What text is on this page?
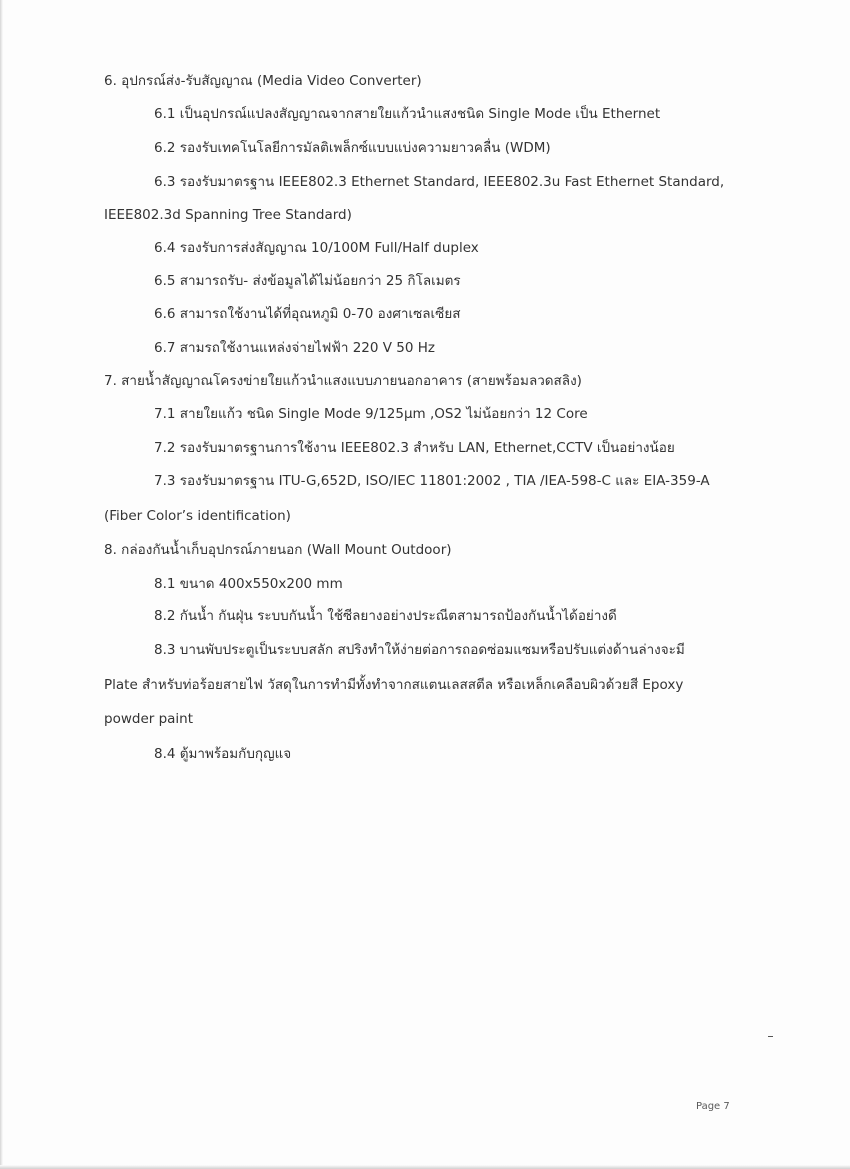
6. อุปกรณ์ส่ง-รับสัญญาณ (Media Video Converter)
6.1 เป็นอุปกรณ์แปลงสัญญาณจากสายใยแก้วนำแสงชนิด Single Mode เป็น Ethernet
6.2 รองรับเทคโนโลยีการมัลติเพล็กซ์แบบแบ่งความยาวคลื่น (WDM)
6.3 รองรับมาตรฐาน IEEE802.3 Ethernet Standard, IEEE802.3u Fast Ethernet Standard,
IEEE802.3d Spanning Tree Standard)
6.4 รองรับการส่งสัญญาณ 10/100M Full/Half duplex
6.5 สามารถรับ- ส่งข้อมูลได้ไม่น้อยกว่า 25 กิโลเมตร
6.6 สามารถใช้งานได้ที่อุณหภูมิ 0-70 องศาเซลเซียส
6.7 สามรถใช้งานแหล่งจ่ายไฟฟ้า 220 V 50 Hz
7. สายน้ำสัญญาณโครงข่ายใยแก้วนำแสงแบบภายนอกอาคาร (สายพร้อมลวดสลิง)
7.1 สายใยแก้ว ชนิด Single Mode 9/125µm ,OS2 ไม่น้อยกว่า 12 Core
7.2 รองรับมาตรฐานการใช้งาน IEEE802.3 สำหรับ LAN, Ethernet,CCTV เป็นอย่างน้อย
7.3 รองรับมาตรฐาน ITU-G,652D, ISO/IEC 11801:2002 , TIA /IEA-598-C และ EIA-359-A
(Fiber Color’s identification)
8. กล่องกันน้ำเก็บอุปกรณ์ภายนอก (Wall Mount Outdoor)
8.1 ขนาด 400x550x200 mm
8.2 กันน้ำ กันฝุ่น ระบบกันน้ำ ใช้ซีลยางอย่างประณีตสามารถป้องกันน้ำได้อย่างดี
8.3 บานพับประตูเป็นระบบสลัก สปริงทำให้ง่ายต่อการถอดซ่อมแซมหรือปรับแต่งด้านล่างจะมี
Plate สำหรับท่อร้อยสายไฟ วัสดุในการทำมีทั้งทำจากสแตนเลสสตีล หรือเหล็กเคลือบผิวด้วยสี Epoxy
powder paint
8.4 ตู้มาพร้อมกับกุญแจ
Page 7
